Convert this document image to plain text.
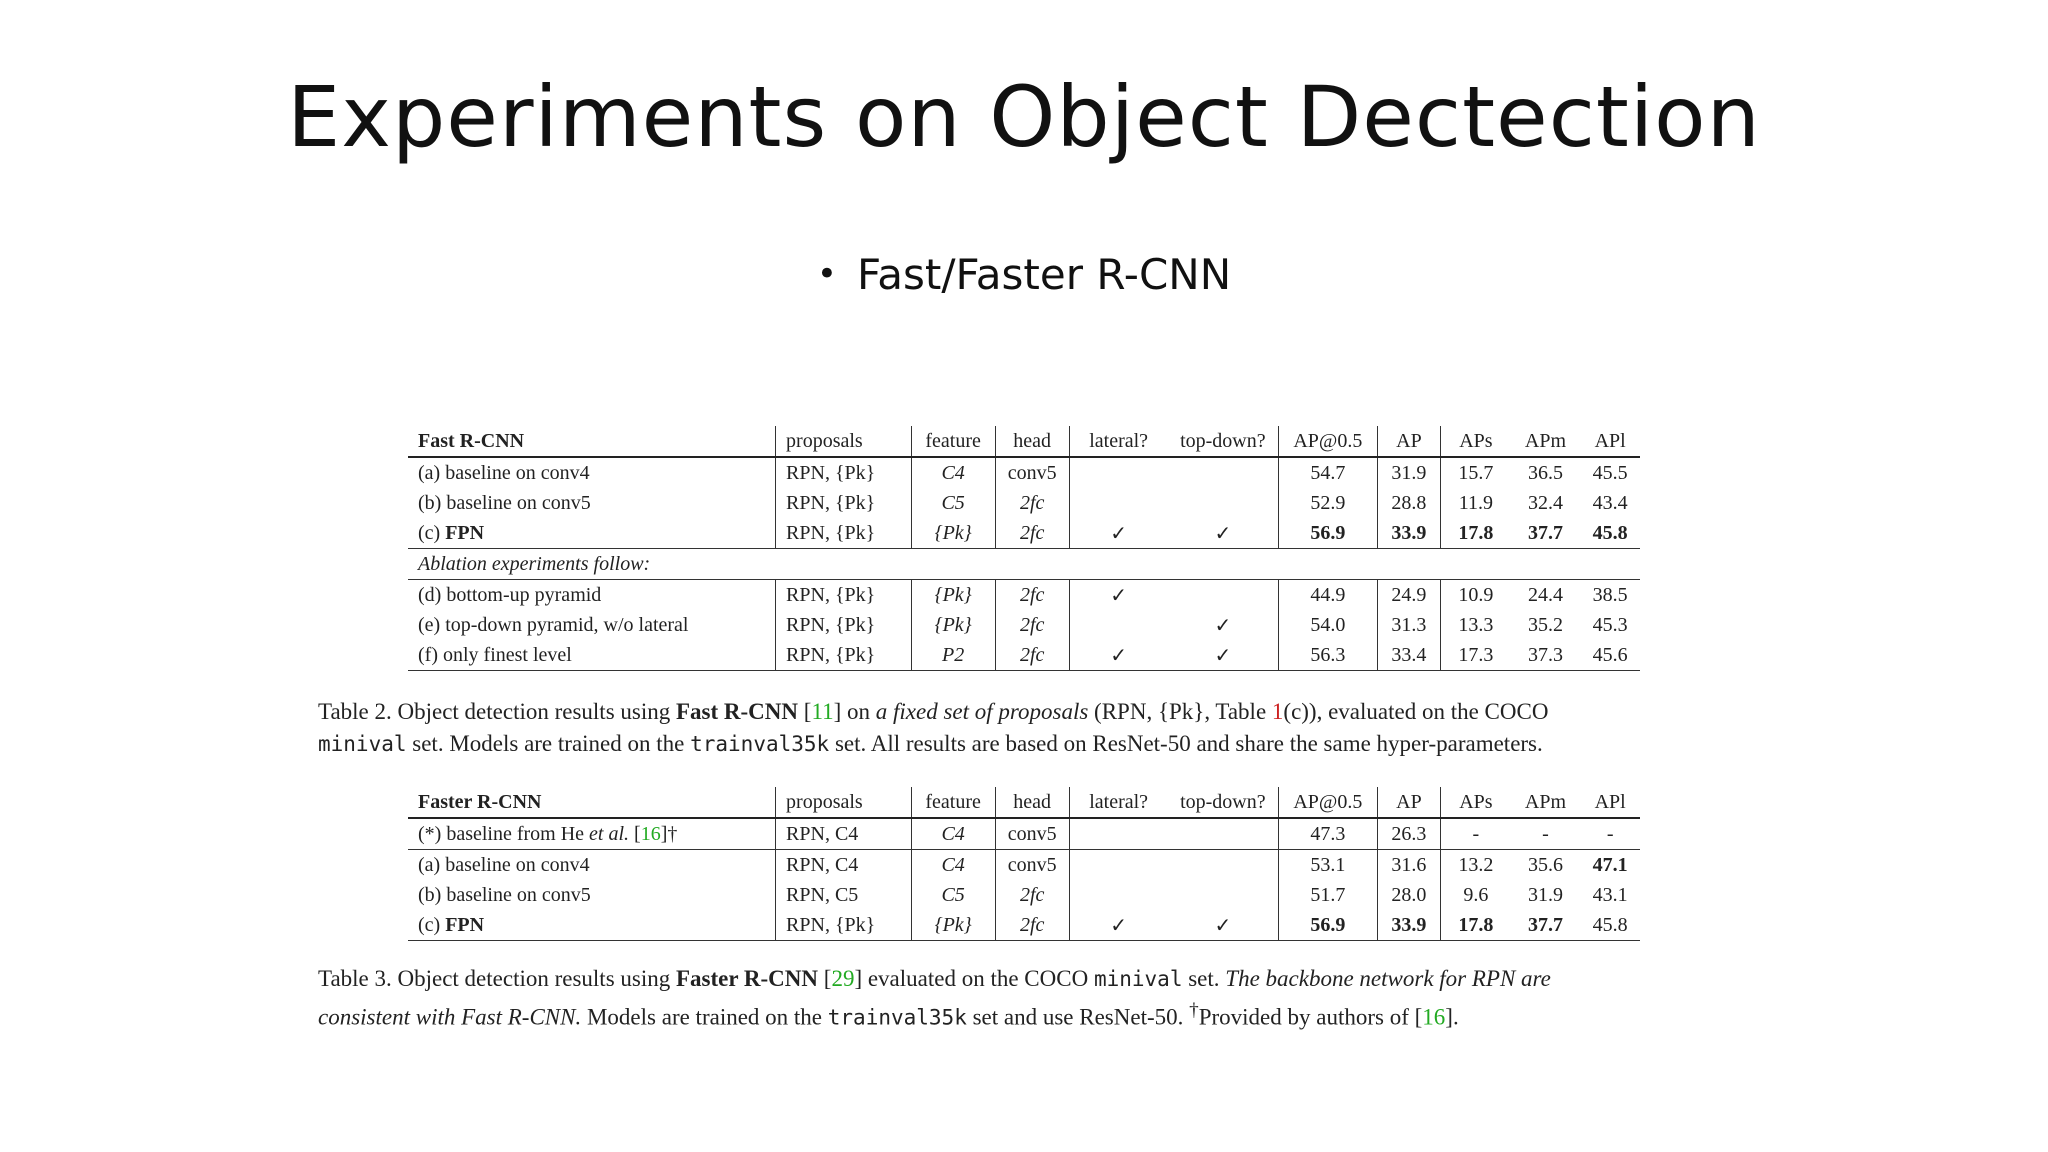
Experiments on Object Dectection
• Fast/Faster R-CNN
Fast R-CNN	proposals	feature	head	lateral?	top-down?	AP@0.5	AP	APs	APm	APl
(a) baseline on conv4	RPN, {Pk}	C4	conv5			54.7	31.9	15.7	36.5	45.5
(b) baseline on conv5	RPN, {Pk}	C5	2fc			52.9	28.8	11.9	32.4	43.4
(c) FPN	RPN, {Pk}	{Pk}	2fc	✓	✓	56.9	33.9	17.8	37.7	45.8
Ablation experiments follow:										
(d) bottom-up pyramid	RPN, {Pk}	{Pk}	2fc	✓		44.9	24.9	10.9	24.4	38.5
(e) top-down pyramid, w/o lateral	RPN, {Pk}	{Pk}	2fc		✓	54.0	31.3	13.3	35.2	45.3
(f) only finest level	RPN, {Pk}	P2	2fc	✓	✓	56.3	33.4	17.3	37.3	45.6
Table 2. Object detection results using Fast R-CNN [11] on a fixed set of proposals (RPN, {Pk}, Table 1(c)), evaluated on the COCO
minival set. Models are trained on the trainval35k set. All results are based on ResNet-50 and share the same hyper-parameters.
Faster R-CNN	proposals	feature	head	lateral?	top-down?	AP@0.5	AP	APs	APm	APl
(*) baseline from He et al. [16]†	RPN, C4	C4	conv5			47.3	26.3	-	-	-
(a) baseline on conv4	RPN, C4	C4	conv5			53.1	31.6	13.2	35.6	47.1
(b) baseline on conv5	RPN, C5	C5	2fc			51.7	28.0	9.6	31.9	43.1
(c) FPN	RPN, {Pk}	{Pk}	2fc	✓	✓	56.9	33.9	17.8	37.7	45.8
Table 3. Object detection results using Faster R-CNN [29] evaluated on the COCO minival set. The backbone network for RPN are
consistent with Fast R-CNN. Models are trained on the trainval35k set and use ResNet-50. †Provided by authors of [16].
